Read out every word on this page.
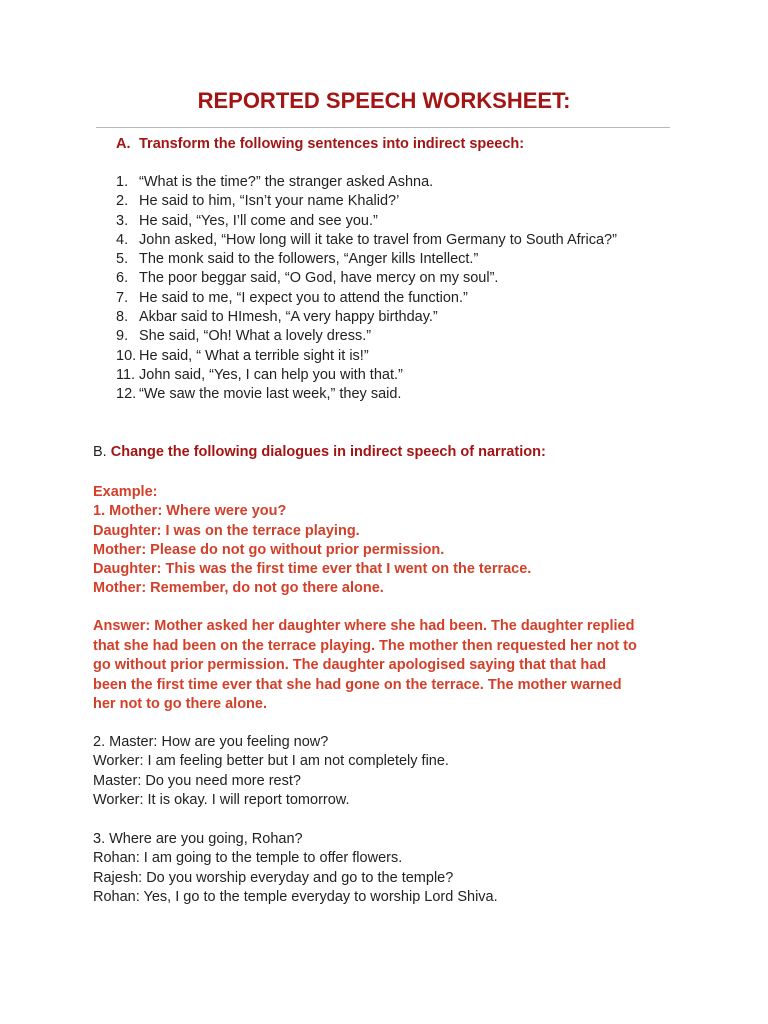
REPORTED SPEECH WORKSHEET:
A. Transform the following sentences into indirect speech:
1. “What is the time?” the stranger asked Ashna.
2. He said to him, “Isn’t your name Khalid?’
3. He said, “Yes, I’ll come and see you.”
4. John asked, “How long will it take to travel from Germany to South Africa?”
5. The monk said to the followers, “Anger kills Intellect.”
6. The poor beggar said, “O God, have mercy on my soul”.
7. He said to me, “I expect you to attend the function.”
8. Akbar said to HImesh, “A very happy birthday.”
9. She said, “Oh! What a lovely dress.”
10. He said, “ What a terrible sight it is!”
11. John said, “Yes, I can help you with that.”
12. “We saw the movie last week,” they said.
B. Change the following dialogues in indirect speech of narration:
Example:
1. Mother: Where were you?
Daughter: I was on the terrace playing.
Mother: Please do not go without prior permission.
Daughter: This was the first time ever that I went on the terrace.
Mother: Remember, do not go there alone.
Answer: Mother asked her daughter where she had been. The daughter replied
that she had been on the terrace playing. The mother then requested her not to
go without prior permission. The daughter apologised saying that that had
been the first time ever that she had gone on the terrace. The mother warned
her not to go there alone.
2. Master: How are you feeling now?
Worker: I am feeling better but I am not completely fine.
Master: Do you need more rest?
Worker: It is okay. I will report tomorrow.
3. Where are you going, Rohan?
Rohan: I am going to the temple to offer flowers.
Rajesh: Do you worship everyday and go to the temple?
Rohan: Yes, I go to the temple everyday to worship Lord Shiva.
